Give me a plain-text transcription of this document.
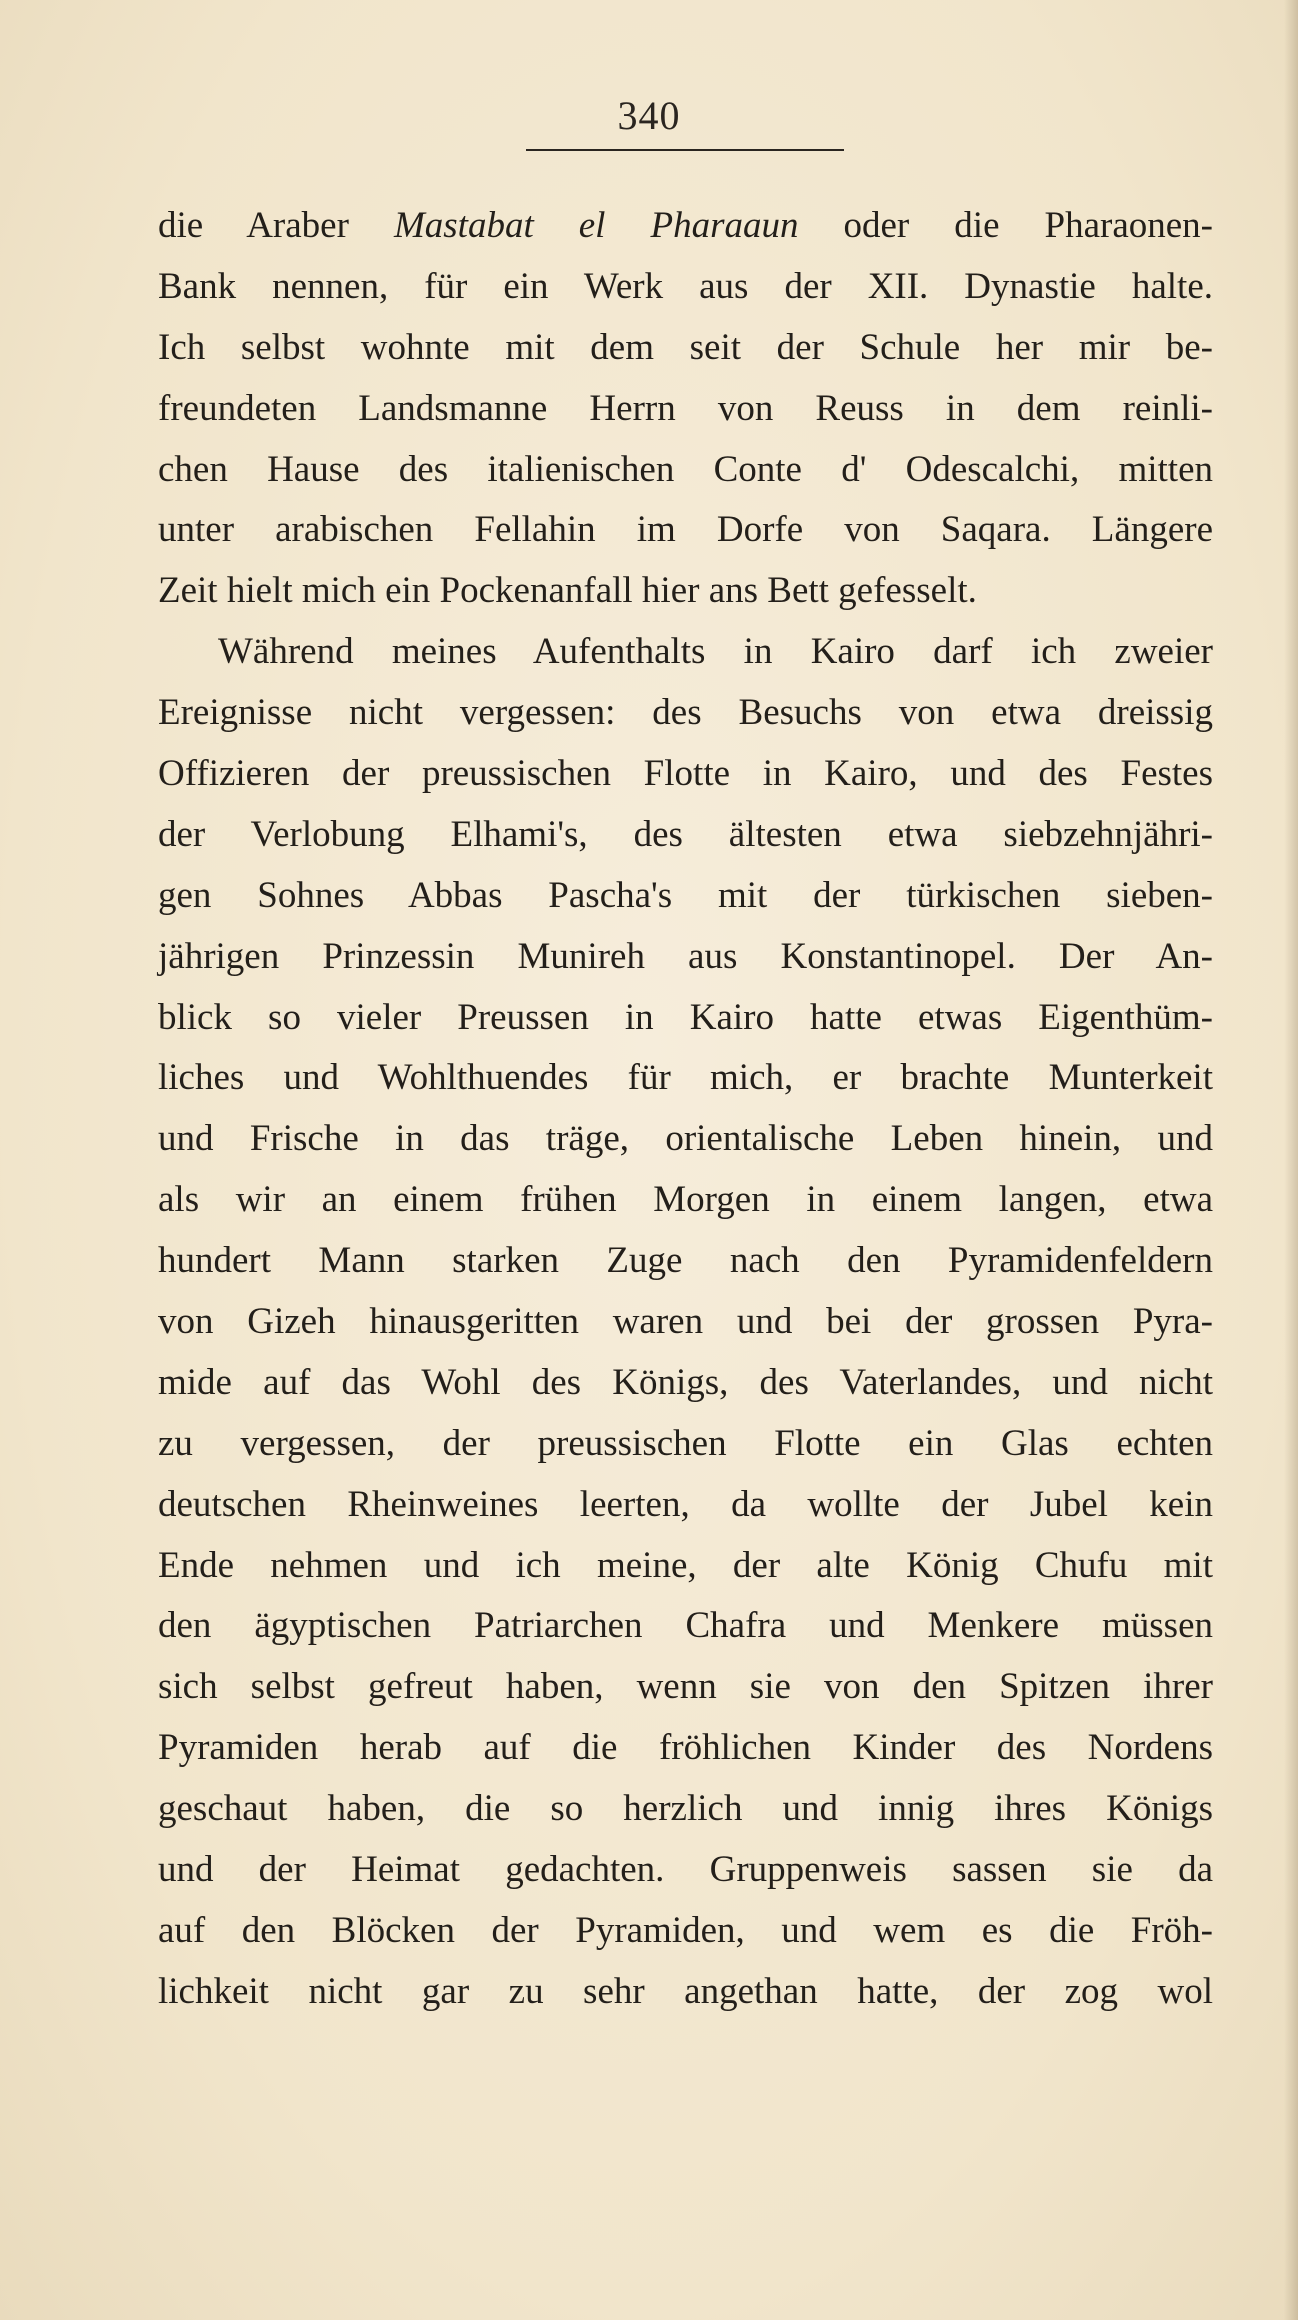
340
die Araber Mastabat el Pharaaun oder die Pharaonen-
Bank nennen, für ein Werk aus der XII. Dynastie halte.
Ich selbst wohnte mit dem seit der Schule her mir be-
freundeten Landsmanne Herrn von Reuss in dem reinli-
chen Hause des italienischen Conte d' Odescalchi, mitten
unter arabischen Fellahin im Dorfe von Saqara. Längere
Zeit hielt mich ein Pockenanfall hier ans Bett gefesselt.
Während meines Aufenthalts in Kairo darf ich zweier
Ereignisse nicht vergessen: des Besuchs von etwa dreissig
Offizieren der preussischen Flotte in Kairo, und des Festes
der Verlobung Elhami's, des ältesten etwa siebzehnjähri-
gen Sohnes Abbas Pascha's mit der türkischen sieben-
jährigen Prinzessin Munireh aus Konstantinopel. Der An-
blick so vieler Preussen in Kairo hatte etwas Eigenthüm-
liches und Wohlthuendes für mich, er brachte Munterkeit
und Frische in das träge, orientalische Leben hinein, und
als wir an einem frühen Morgen in einem langen, etwa
hundert Mann starken Zuge nach den Pyramidenfeldern
von Gizeh hinausgeritten waren und bei der grossen Pyra-
mide auf das Wohl des Königs, des Vaterlandes, und nicht
zu vergessen, der preussischen Flotte ein Glas echten
deutschen Rheinweines leerten, da wollte der Jubel kein
Ende nehmen und ich meine, der alte König Chufu mit
den ägyptischen Patriarchen Chafra und Menkere müssen
sich selbst gefreut haben, wenn sie von den Spitzen ihrer
Pyramiden herab auf die fröhlichen Kinder des Nordens
geschaut haben, die so herzlich und innig ihres Königs
und der Heimat gedachten. Gruppenweis sassen sie da
auf den Blöcken der Pyramiden, und wem es die Fröh-
lichkeit nicht gar zu sehr angethan hatte, der zog wol
